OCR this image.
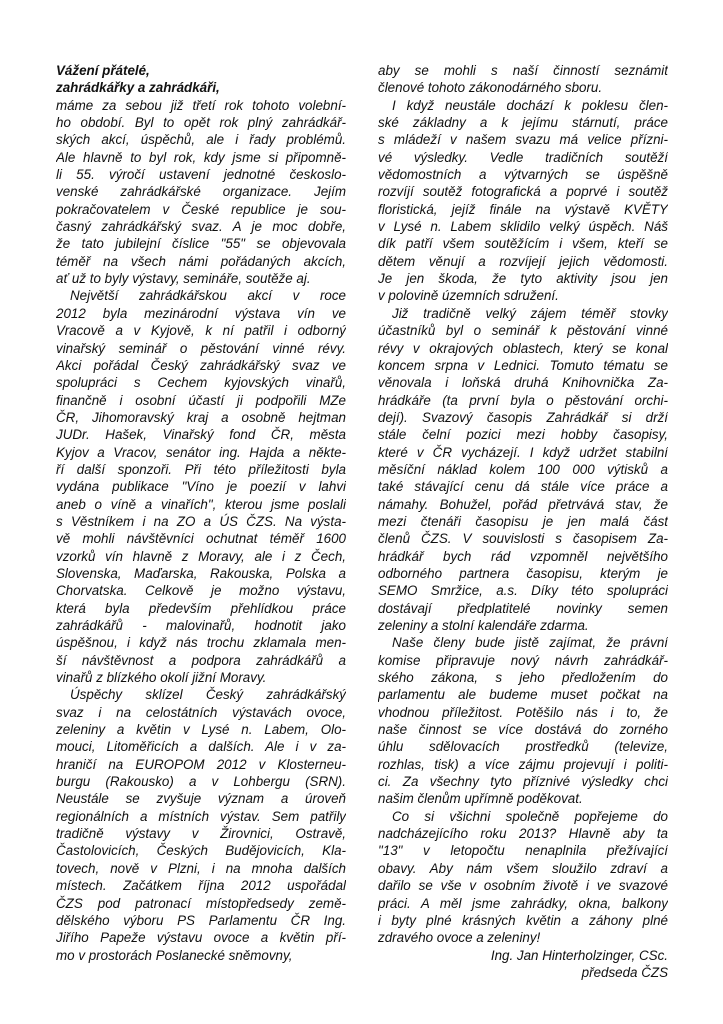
Vážení přátelé,
zahrádkářky a zahrádkáři,
máme za sebou již třetí rok tohoto volební-
ho období. Byl to opět rok plný zahrádkář-
ských akcí, úspěchů, ale i řady problémů.
Ale hlavně to byl rok, kdy jsme si připomně-
li 55. výročí ustavení jednotné českoslo-
venské zahrádkářské organizace. Jejím
pokračovatelem v České republice je sou-
časný zahrádkářský svaz. A je moc dobře,
že tato jubilejní číslice "55" se objevovala
téměř na všech námi pořádaných akcích,
ať už to byly výstavy, semináře, soutěže aj.
Největší zahrádkářskou akcí v roce
2012 byla mezinárodní výstava vín ve
Vracově a v Kyjově, k ní patřil i odborný
vinařský seminář o pěstování vinné révy.
Akci pořádal Český zahrádkářský svaz ve
spolupráci s Cechem kyjovských vinařů,
finančně i osobní účastí ji podpořili MZe
ČR, Jihomoravský kraj a osobně hejtman
JUDr. Hašek, Vinařský fond ČR, města
Kyjov a Vracov, senátor ing. Hajda a někte-
ří další sponzoři. Při této příležitosti byla
vydána publikace "Víno je poezií v lahvi
aneb o víně a vinařích", kterou jsme poslali
s Věstníkem i na ZO a ÚS ČZS. Na výsta-
vě mohli návštěvníci ochutnat téměř 1600
vzorků vín hlavně z Moravy, ale i z Čech,
Slovenska, Maďarska, Rakouska, Polska a
Chorvatska. Celkově je možno výstavu,
která byla především přehlídkou práce
zahrádkářů - malovinařů, hodnotit jako
úspěšnou, i když nás trochu zklamala men-
ší návštěvnost a podpora zahrádkářů a
vinařů z blízkého okolí jižní Moravy.
Úspěchy sklízel Český zahrádkářský
svaz i na celostátních výstavách ovoce,
zeleniny a květin v Lysé n. Labem, Olo-
mouci, Litoměřicích a dalších. Ale i v za-
hraničí na EUROPOM 2012 v Klosterneu-
burgu (Rakousko) a v Lohbergu (SRN).
Neustále se zvyšuje význam a úroveň
regionálních a místních výstav. Sem patřily
tradičně výstavy v Žirovnici, Ostravě,
Častolovicích, Českých Budějovicích, Kla-
tovech, nově v Plzni, i na mnoha dalších
místech. Začátkem října 2012 uspořádal
ČZS pod patronací místopředsedy země-
dělského výboru PS Parlamentu ČR Ing.
Jiřího Papeže výstavu ovoce a květin pří-
mo v prostorách Poslanecké sněmovny,
aby se mohli s naší činností seznámit
členové tohoto zákonodárného sboru.
I když neustále dochází k poklesu člen-
ské základny a k jejímu stárnutí, práce
s mládeží v našem svazu má velice přízni-
vé výsledky. Vedle tradičních soutěží
vědomostních a výtvarných se úspěšně
rozvíjí soutěž fotografická a poprvé i soutěž
floristická, jejíž finále na výstavě KVĚTY
v Lysé n. Labem sklidilo velký úspěch. Náš
dík patří všem soutěžícím i všem, kteří se
dětem věnují a rozvíjejí jejich vědomosti.
Je jen škoda, že tyto aktivity jsou jen
v polovině územních sdružení.
Již tradičně velký zájem téměř stovky
účastníků byl o seminář k pěstování vinné
révy v okrajových oblastech, který se konal
koncem srpna v Lednici. Tomuto tématu se
věnovala i loňská druhá Knihovnička Za-
hrádkáře (ta první byla o pěstování orchi-
dejí). Svazový časopis Zahrádkář si drží
stále čelní pozici mezi hobby časopisy,
které v ČR vycházejí. I když udržet stabilní
měsíční náklad kolem 100 000 výtisků a
také stávající cenu dá stále více práce a
námahy. Bohužel, pořád přetrvává stav, že
mezi čtenáři časopisu je jen malá část
členů ČZS. V souvislosti s časopisem Za-
hrádkář bych rád vzpomněl největšího
odborného partnera časopisu, kterým je
SEMO Smržice, a.s. Díky této spolupráci
dostávají předplatitelé novinky semen
zeleniny a stolní kalendáře zdarma.
Naše členy bude jistě zajímat, že právní
komise připravuje nový návrh zahrádkář-
ského zákona, s jeho předložením do
parlamentu ale budeme muset počkat na
vhodnou příležitost. Potěšilo nás i to, že
naše činnost se více dostává do zorného
úhlu sdělovacích prostředků (televize,
rozhlas, tisk) a více zájmu projevují i politi-
ci. Za všechny tyto příznivé výsledky chci
našim členům upřímně poděkovat.
Co si všichni společně popřejeme do
nadcházejícího roku 2013? Hlavně aby ta
"13" v letopočtu nenaplnila přežívající
obavy. Aby nám všem sloužilo zdraví a
dařilo se vše v osobním životě i ve svazové
práci. A měl jsme zahrádky, okna, balkony
i byty plné krásných květin a záhony plné
zdravého ovoce a zeleniny!
Ing. Jan Hinterholzinger, CSc.
předseda ČZS
